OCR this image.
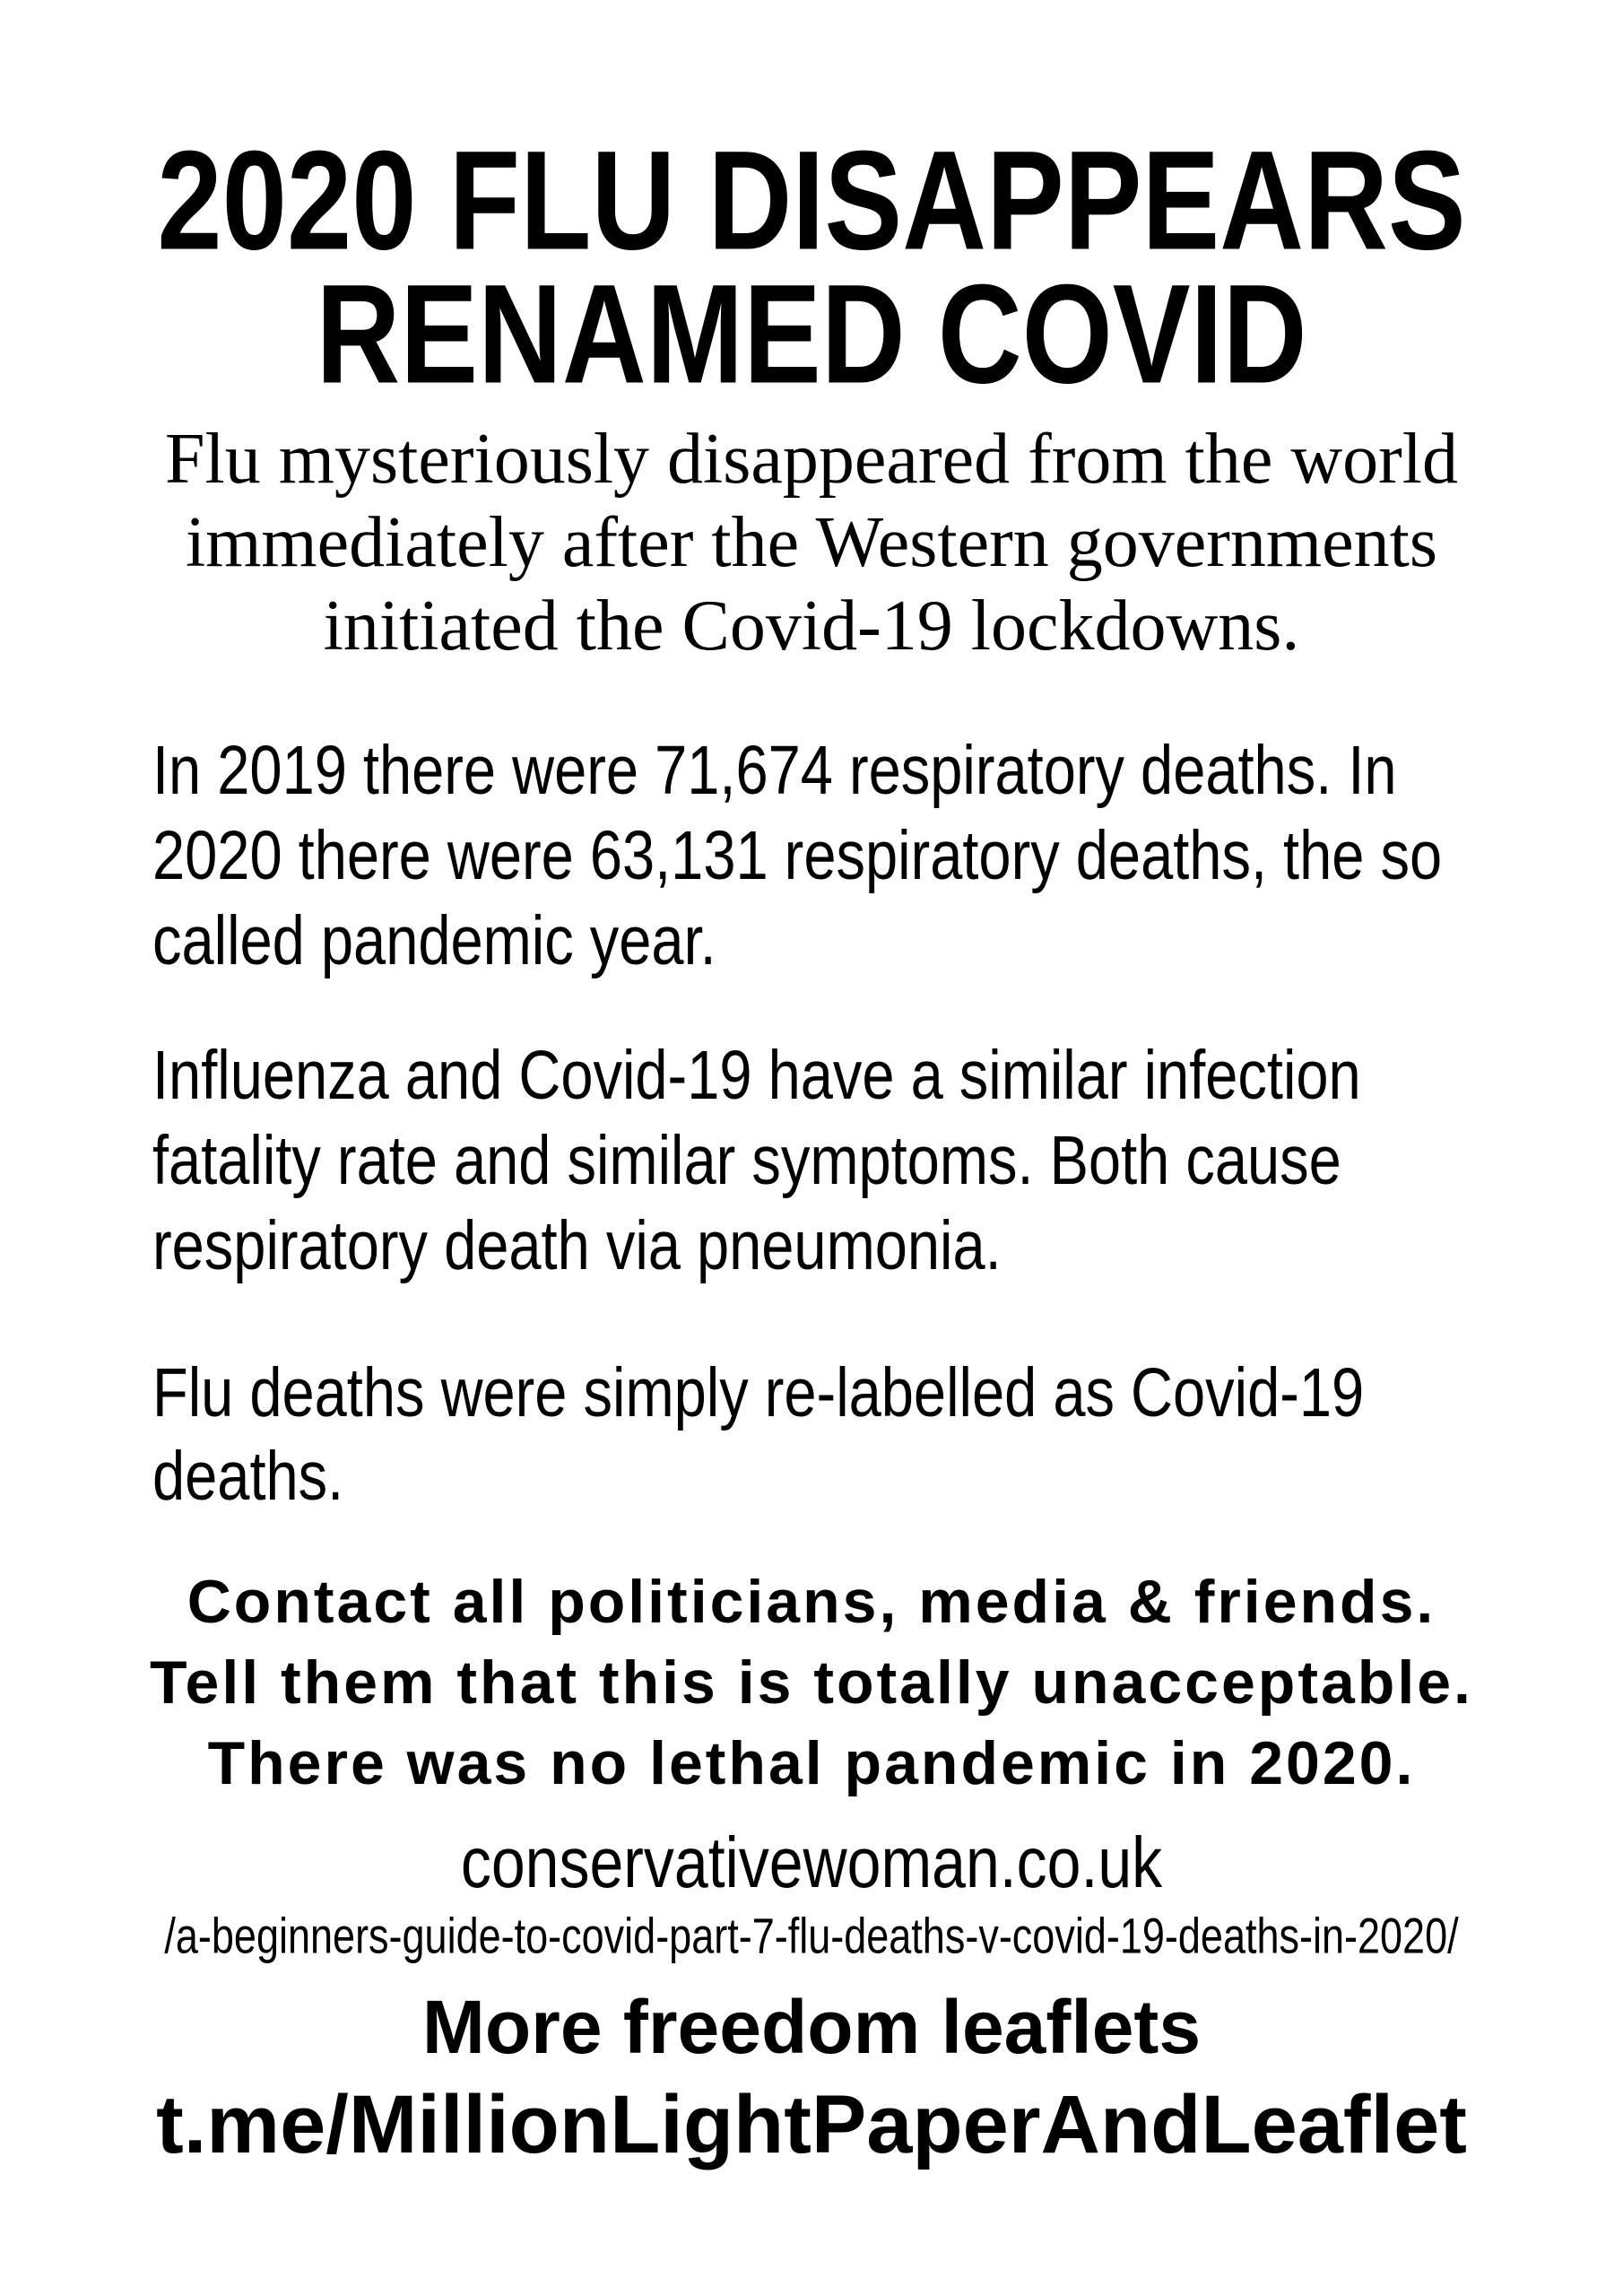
2020 FLU DISAPPEARS
RENAMED COVID
Flu mysteriously disappeared from the world
immediately after the Western governments
initiated the Covid-19 lockdowns.
In 2019 there were 71,674 respiratory deaths. In
2020 there were 63,131 respiratory deaths, the so
called pandemic year.
Influenza and Covid-19 have a similar infection
fatality rate and similar symptoms. Both cause
respiratory death via pneumonia.
Flu deaths were simply re-labelled as Covid-19
deaths.
Contact all politicians, media & friends.
Tell them that this is totally unacceptable.
There was no lethal pandemic in 2020.
conservativewoman.co.uk
/a-beginners-guide-to-covid-part-7-flu-deaths-v-covid-19-deaths-in-2020/
More freedom leaflets
t.me/MillionLightPaperAndLeaflet
